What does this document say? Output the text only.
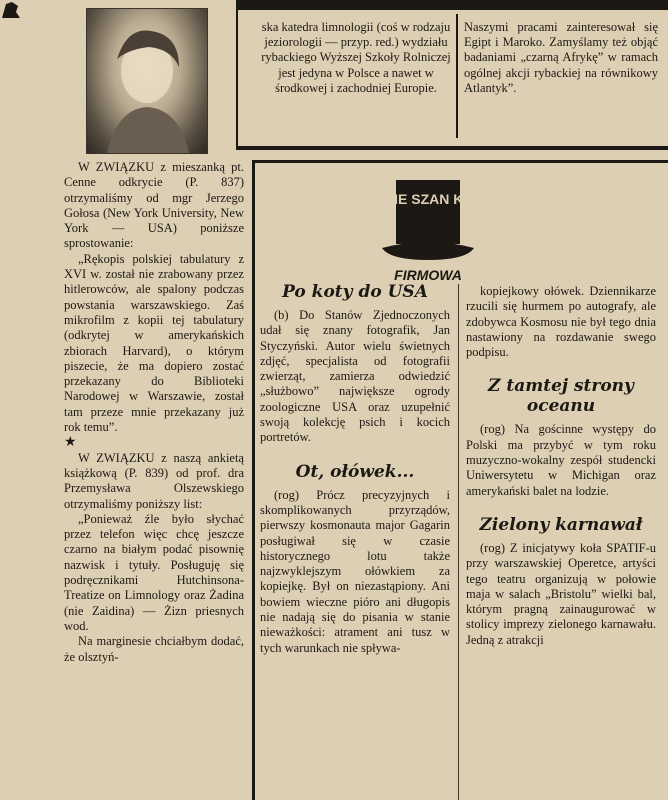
W ZWIĄZKU z mieszanką pt. Cenne odkrycie (P. 837) otrzymaliśmy od mgr Jerzego Gołosa (New York University, New York — USA) poniższe sprostowanie:

„Rękopis polskiej tabulatury z XVI w. został nie zrabowany przez hitlerowców, ale spalony podczas powstania warszawskiego. Zaś mikrofilm z kopii tej tabulatury (odkrytej w amerykańskich zbiorach Harvard), o którym piszecie, że ma dopiero zostać przekazany do Biblioteki Narodowej w Warszawie, został tam przeze mnie przekazany już rok temu”.

★

W ZWIĄZKU z naszą ankietą książkową (P. 839) od prof. dra Przemysława Olszewskiego otrzymaliśmy poniższy list:

„Ponieważ źle było słychać przez telefon więc chcę jeszcze czarno na białym podać pisownię nazwisk i tytuły. Posługuję się podręcznikami Hutchinsona-Treatize on Limnology oraz Żadina (nie Zaidina) — Żizn priesnych wod.

Na marginesie chciałbym dodać, że olsztyń-

ska katedra limnologii (coś w rodzaju jeziorologii — przyp. red.) wydziału rybackiego Wyższej Szkoły Rolniczej jest jedyna w Polsce a nawet w środkowej i zachodniej Europie.
Naszymi pracami zainteresował się Egipt i Maroko. Zamyślamy też objąć badaniami „czarną Afrykę” w ramach ogólnej akcji rybackiej na równikowy Atlantyk”.
MIE SZAN KA
FIRMOWA
Po koty do USA

(b) Do Stanów Zjednoczonych udał się znany fotografik, Jan Styczyński. Autor wielu świetnych zdjęć, specjalista od fotografii zwierząt, zamierza odwiedzić „służbowo” największe ogrody zoologiczne USA oraz uzupełnić swoją kolekcję psich i kocich portretów.

Ot, ołówek...

(rog) Prócz precyzyjnych i skomplikowanych przyrządów, pierwszy kosmonauta major Gagarin posługiwał się w czasie historycznego lotu także najzwyklejszym ołówkiem za kopiejkę. Był on niezastąpiony. Ani bowiem wieczne pióro ani długopis nie nadają się do pisania w stanie nieważkości: atrament ani tusz w tych warunkach nie spływa-

kopiejkowy ołówek. Dziennikarze rzucili się hurmem po autografy, ale zdobywca Kosmosu nie był tego dnia nastawiony na rozdawanie swego podpisu.

Z tamtej strony oceanu

(rog) Na gościnne występy do Polski ma przybyć w tym roku muzyczno-wokalny zespół studencki Uniwersytetu w Michigan oraz amerykański balet na lodzie.

Zielony karnawał

(rog) Z inicjatywy koła SPATIF-u przy warszawskiej Operetce, artyści tego teatru organizują w połowie maja w salach „Bristolu” wielki bal, którym pragną zainaugurować w stolicy imprezy zielonego karnawału. Jedną z atrakcji
